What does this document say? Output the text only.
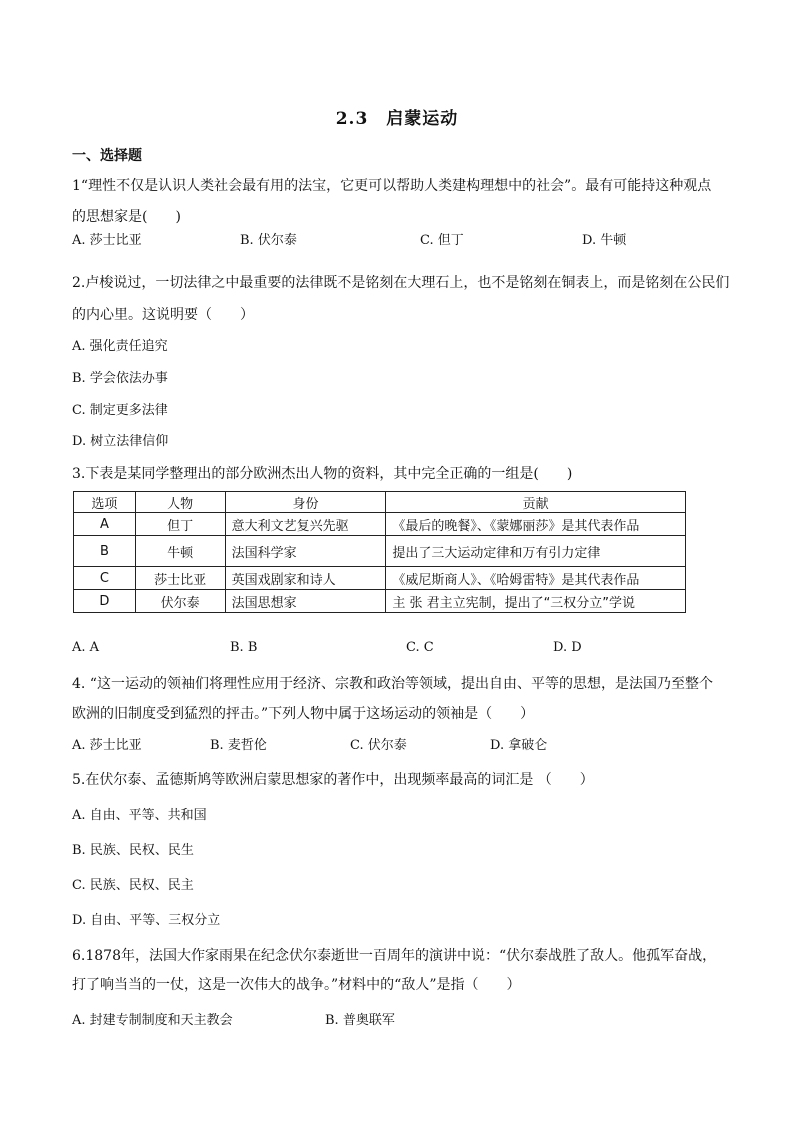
2.3　启蒙运动
一、选择题
1“理性不仅是认识人类社会最有用的法宝，它更可以帮助人类建构理想中的社会”。最有可能持这种观点
的思想家是(　　)
A. 莎士比亚	B. 伏尔泰	C. 但丁	D. 牛顿
2.卢梭说过，一切法律之中最重要的法律既不是铭刻在大理石上，也不是铭刻在铜表上，而是铭刻在公民们
的内心里。这说明要（　　）
A. 强化责任追究
B. 学会依法办事
C. 制定更多法律
D. 树立法律信仰
3.下表是某同学整理出的部分欧洲杰出人物的资料，其中完全正确的一组是(　　)
选项	人物	身份	贡献
A	但丁	意大利文艺复兴先驱	《最后的晚餐》、《蒙娜丽莎》是其代表作品
B	牛顿	法国科学家	提出了三大运动定律和万有引力定律
C	莎士比亚	英国戏剧家和诗人	《威尼斯商人》、《哈姆雷特》是其代表作品
D	伏尔泰	法国思想家	主 张 君主立宪制，提出了“三权分立”学说
A. A	B. B	C. C	D. D
4. “这一运动的领袖们将理性应用于经济、宗教和政治等领域，提出自由、平等的思想，是法国乃至整个
欧洲的旧制度受到猛烈的抨击。”下列人物中属于这场运动的领袖是（　　）
A. 莎士比亚	B. 麦哲伦	C. 伏尔泰	D. 拿破仑
5.在伏尔泰、孟德斯鸠等欧洲启蒙思想家的著作中，出现频率最高的词汇是 （　　）
A. 自由、平等、共和国
B. 民族、民权、民生
C. 民族、民权、民主
D. 自由、平等、三权分立
6.1878年，法国大作家雨果在纪念伏尔泰逝世一百周年的演讲中说：“伏尔泰战胜了敌人。他孤军奋战，
打了响当当的一仗，这是一次伟大的战争。”材料中的“敌人”是指（　　）
A. 封建专制制度和天主教会	B. 普奥联军
